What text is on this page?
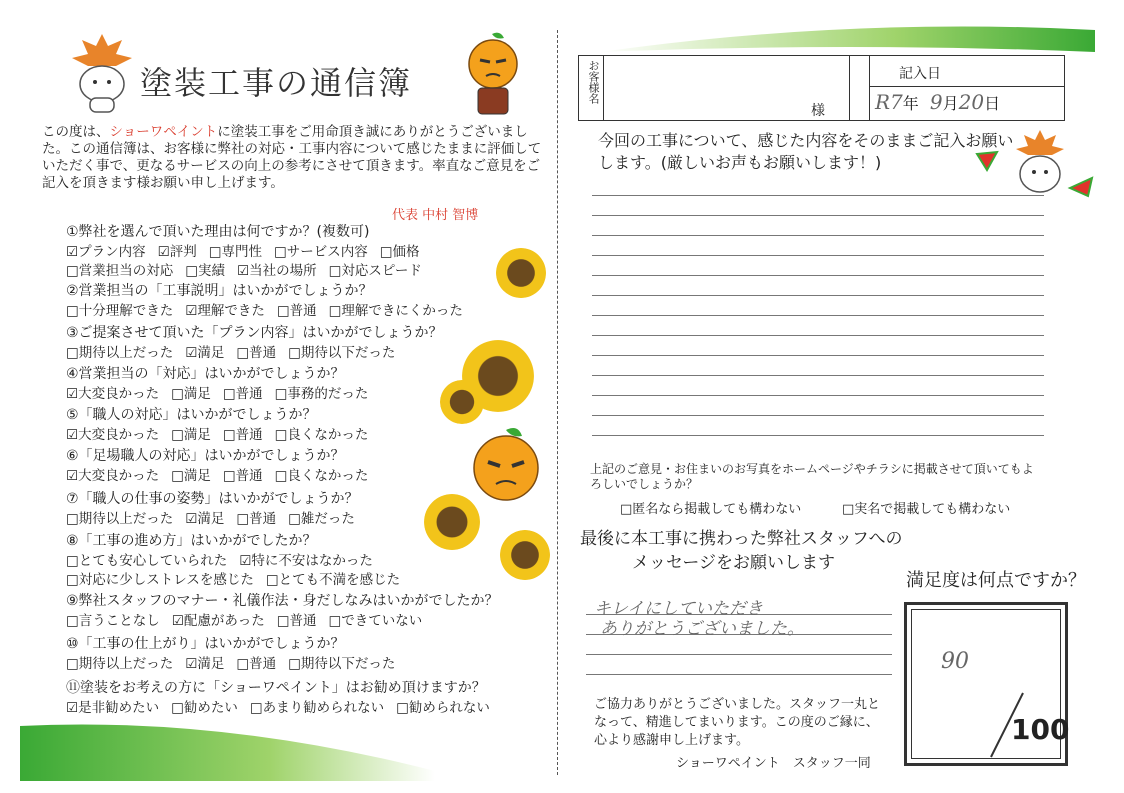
塗装工事の通信簿
この度は、ショーワペイントに塗装工事をご用命頂き誠にありがとうございました。この通信簿は、お客様に弊社の対応・工事内容について感じたままに評価していただく事で、更なるサービスの向上の参考にさせて頂きます。率直なご意見をご記入を頂きます様お願い申し上げます。
代表 中村 智博
①弊社を選んで頂いた理由は何ですか？(複数可)
☑プラン内容 ☑評判 □専門性 □サービス内容 □価格
□営業担当の対応 □実績 ☑当社の場所 □対応スピード
②営業担当の「工事説明」はいかがでしょうか？
□十分理解できた ☑理解できた □普通 □理解できにくかった
③ご提案させて頂いた「プラン内容」はいかがでしょうか？
□期待以上だった ☑満足 □普通 □期待以下だった
④営業担当の「対応」はいかがでしょうか？
☑大変良かった □満足 □普通 □事務的だった
⑤「職人の対応」はいかがでしょうか？
☑大変良かった □満足 □普通 □良くなかった
⑥「足場職人の対応」はいかがでしょうか？
☑大変良かった □満足 □普通 □良くなかった
⑦「職人の仕事の姿勢」はいかがでしょうか？
□期待以上だった ☑満足 □普通 □雑だった
⑧「工事の進め方」はいかがでしたか？
□とても安心していられた ☑特に不安はなかった
□対応に少しストレスを感じた □とても不満を感じた
⑨弊社スタッフのマナー・礼儀作法・身だしなみはいかがでしたか？
□言うことなし ☑配慮があった □普通 □できていない
⑩「工事の仕上がり」はいかがでしょうか？
□期待以上だった ☑満足 □普通 □期待以下だった
⑪塗装をお考えの方に「ショーワペイント」はお勧め頂けますか？
☑是非勧めたい □勧めたい □あまり勧められない □勧められない
お客様名
様
記入日
R7年 9月20日
今回の工事について、感じた内容をそのままご記入お願いします。(厳しいお声もお願いします！)
上記のご意見・お住まいのお写真をホームページやチラシに掲載させて頂いてもよろしいでしょうか？
□匿名なら掲載しても構わない	□実名で掲載しても構わない
最後に本工事に携わった弊社スタッフへの
メッセージをお願いします
キレイにしていただき
ありがとうございました。
満足度は何点ですか？
90
100
ご協力ありがとうございました。スタッフ一丸となって、精進してまいります。この度のご縁に、心より感謝申し上げます。
ショーワペイント　スタッフ一同
